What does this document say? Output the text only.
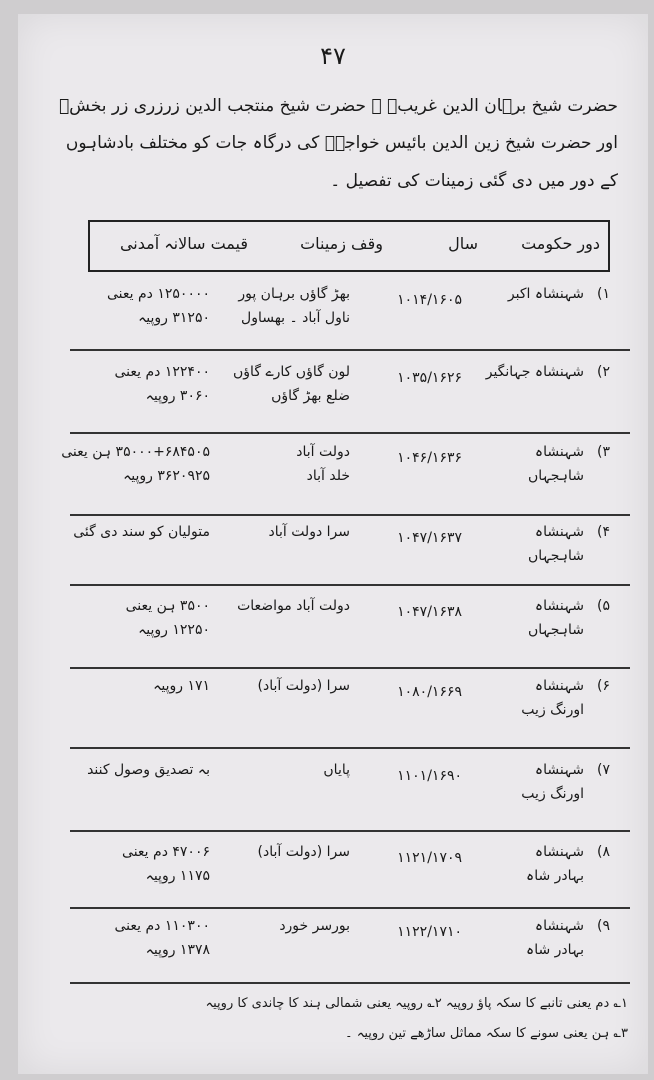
۴۷
حضرت شیخ برہان الدین غریبؒ ۔ حضرت شیخ منتجب الدین زرزری زر بخشؒ
اور حضرت شیخ زین الدین بائیس خواجہؒ کی درگاہ جات کو مختلف بادشاہوں
کے دور میں دی گئی زمینات کی تفصیل ۔
دور حکومت
سال
وقف زمینات
قیمت سالانہ آمدنی
۱)
شہنشاہ اکبر
۱۰۱۴/۱۶۰۵
بھڑ گاؤں برہان پور
ناول آباد ۔ بھساول
۱۲۵۰۰۰۰ دم یعنی
۳۱۲۵۰ روپیہ
۲)
شہنشاہ جہانگیر
۱۰۳۵/۱۶۲۶
لون گاؤں کارے گاؤں
ضلع بھڑ گاؤں
۱۲۲۴۰۰ دم یعنی
۳۰۶۰ روپیہ
۳)
شہنشاہ
شاہجہاں
۱۰۴۶/۱۶۳۶
دولت آباد
خلد آباد
۳۵۰۰۰+۶۸۴۵۰۵ ہن یعنی
۳۶۲۰۹۲۵ روپیہ
۴)
شہنشاہ
شاہجہاں
۱۰۴۷/۱۶۳۷
سرا دولت آباد
متولیان کو سند دی گئی
۵)
شہنشاہ
شاہجہاں
۱۰۴۷/۱۶۳۸
دولت آباد مواضعات
۳۵۰۰ ہن یعنی
۱۲۲۵۰ روپیہ
۶)
شہنشاہ
اورنگ زیب
۱۰۸۰/۱۶۶۹
سرا (دولت آباد)
۱۷۱ روپیہ
۷)
شہنشاہ
اورنگ زیب
۱۱۰۱/۱۶۹۰
پایاں
بہ تصدیق وصول کنند
۸)
شہنشاہ
بہادر شاہ
۱۱۲۱/۱۷۰۹
سرا (دولت آباد)
۴۷۰۰۶ دم یعنی
۱۱۷۵ روپیہ
۹)
شہنشاہ
بہادر شاہ
۱۱۲۲/۱۷۱۰
بورسر خورد
۱۱۰۳۰۰ دم یعنی
۱۳۷۸ روپیہ
۱؎ دم یعنی تانبے کا سکہ پاؤ روپیہ ۲؎ روپیہ یعنی شمالی ہند کا چاندی کا روپیہ
۳؎ ہن یعنی سونے کا سکہ مماثل ساڑھے تین روپیہ ۔
